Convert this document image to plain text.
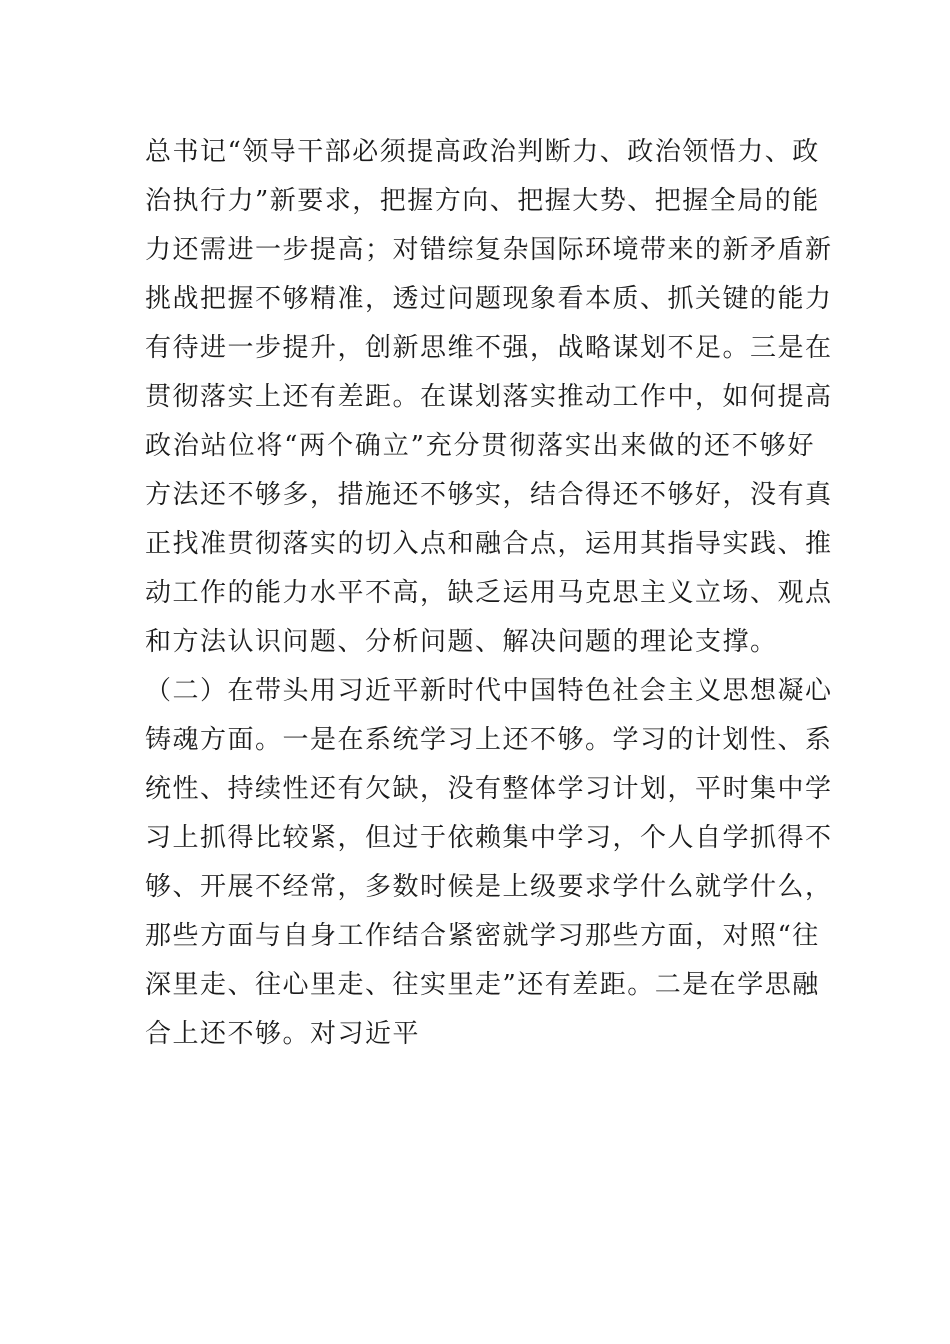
总书记“领导干部必须提高政治判断力、政治领悟力、政
治执行力”新要求，把握方向、把握大势、把握全局的能
力还需进一步提高；对错综复杂国际环境带来的新矛盾新
挑战把握不够精准，透过问题现象看本质、抓关键的能力
有待进一步提升，创新思维不强，战略谋划不足。三是在
贯彻落实上还有差距。在谋划落实推动工作中，如何提高
政治站位将“两个确立”充分贯彻落实出来做的还不够好
方法还不够多，措施还不够实，结合得还不够好，没有真
正找准贯彻落实的切入点和融合点，运用其指导实践、推
动工作的能力水平不高，缺乏运用马克思主义立场、观点
和方法认识问题、分析问题、解决问题的理论支撑。
（二）在带头用习近平新时代中国特色社会主义思想凝心
铸魂方面。一是在系统学习上还不够。学习的计划性、系
统性、持续性还有欠缺，没有整体学习计划，平时集中学
习上抓得比较紧，但过于依赖集中学习，个人自学抓得不
够、开展不经常，多数时候是上级要求学什么就学什么，
那些方面与自身工作结合紧密就学习那些方面，对照“往
深里走、往心里走、往实里走”还有差距。二是在学思融
合上还不够。对习近平
